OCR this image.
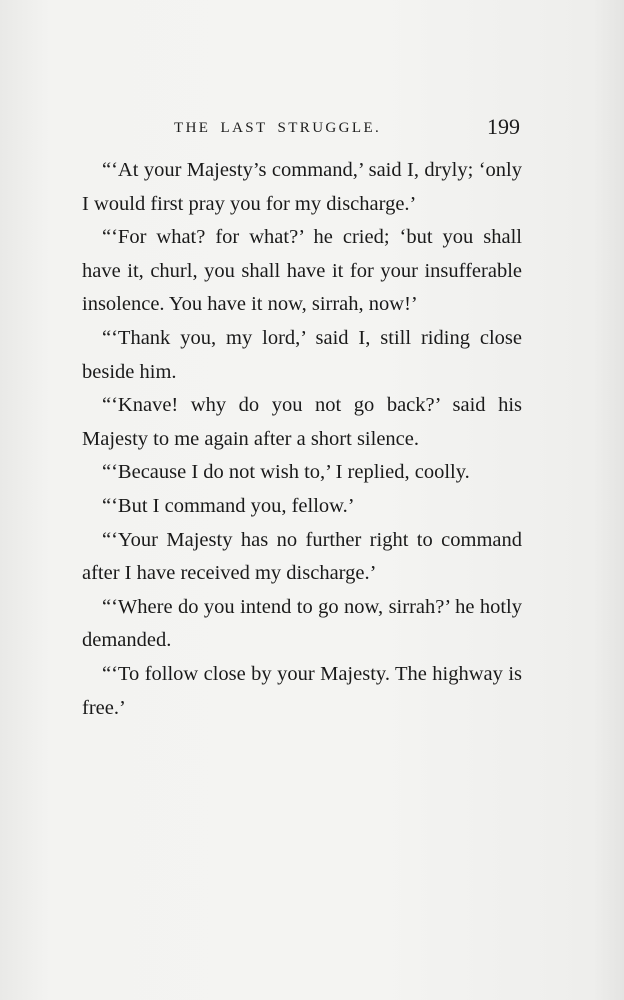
THE LAST STRUGGLE.	199

“‘At your Majesty’s command,’ said I, dryly; ‘only I would first pray you for my discharge.’

“‘For what? for what?’ he cried; ‘but you shall have it, churl, you shall have it for your insufferable insolence. You have it now, sirrah, now!’

“‘Thank you, my lord,’ said I, still riding close beside him.

“‘Knave! why do you not go back?’ said his Majesty to me again after a short silence.

“‘Because I do not wish to,’ I replied, coolly.

“‘But I command you, fellow.’

“‘Your Majesty has no further right to command after I have received my discharge.’

“‘Where do you intend to go now, sirrah?’ he hotly demanded.

“‘To follow close by your Majesty. The highway is free.’
